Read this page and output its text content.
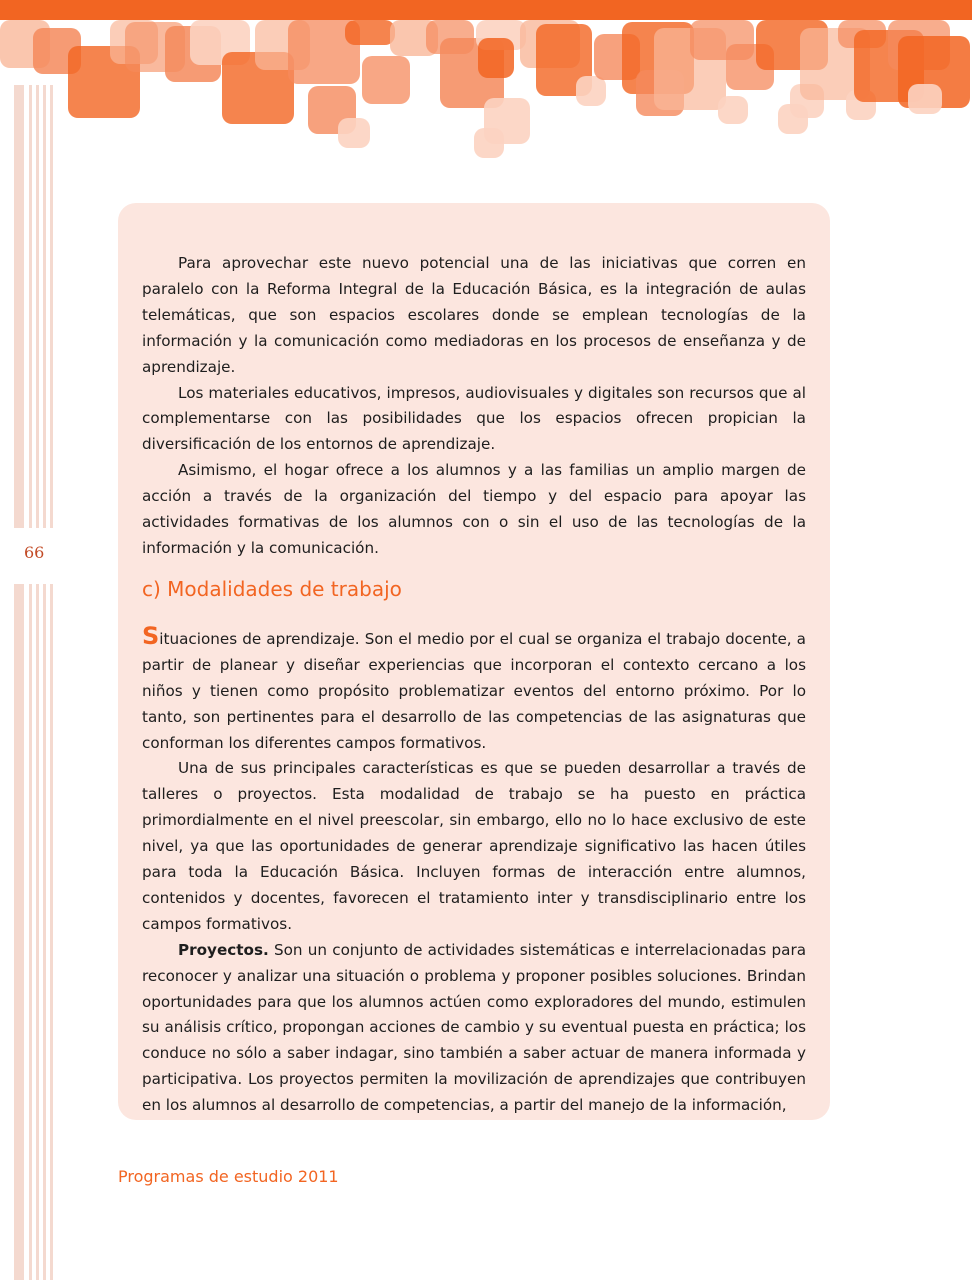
66

Para aprovechar este nuevo potencial una de las iniciativas que corren en paralelo con la Reforma Integral de la Educación Básica, es la integración de aulas telemáticas, que son espacios escolares donde se emplean tecnologías de la información y la comunicación como mediadoras en los procesos de enseñanza y de aprendizaje.

Los materiales educativos, impresos, audiovisuales y digitales son recursos que al complementarse con las posibilidades que los espacios ofrecen propician la diversificación de los entornos de aprendizaje.

Asimismo, el hogar ofrece a los alumnos y a las familias un amplio margen de acción a través de la organización del tiempo y del espacio para apoyar las actividades formativas de los alumnos con o sin el uso de las tecnologías de la información y la comunicación.

c) Modalidades de trabajo

Situaciones de aprendizaje. Son el medio por el cual se organiza el trabajo docente, a partir de planear y diseñar experiencias que incorporan el contexto cercano a los niños y tienen como propósito problematizar eventos del entorno próximo. Por lo tanto, son pertinentes para el desarrollo de las competencias de las asignaturas que conforman los diferentes campos formativos.

Una de sus principales características es que se pueden desarrollar a través de talleres o proyectos. Esta modalidad de trabajo se ha puesto en práctica primordialmente en el nivel preescolar, sin embargo, ello no lo hace exclusivo de este nivel, ya que las oportunidades de generar aprendizaje significativo las hacen útiles para toda la Educación Básica. Incluyen formas de interacción entre alumnos, contenidos y docentes, favorecen el tratamiento inter y transdisciplinario entre los campos formativos.

Proyectos. Son un conjunto de actividades sistemáticas e interrelacionadas para reconocer y analizar una situación o problema y proponer posibles soluciones. Brindan oportunidades para que los alumnos actúen como exploradores del mundo, estimulen su análisis crítico, propongan acciones de cambio y su eventual puesta en práctica; los conduce no sólo a saber indagar, sino también a saber actuar de manera informada y participativa. Los proyectos permiten la movilización de aprendizajes que contribuyen en los alumnos al desarrollo de competencias, a partir del manejo de la información,

Programas de estudio 2011
